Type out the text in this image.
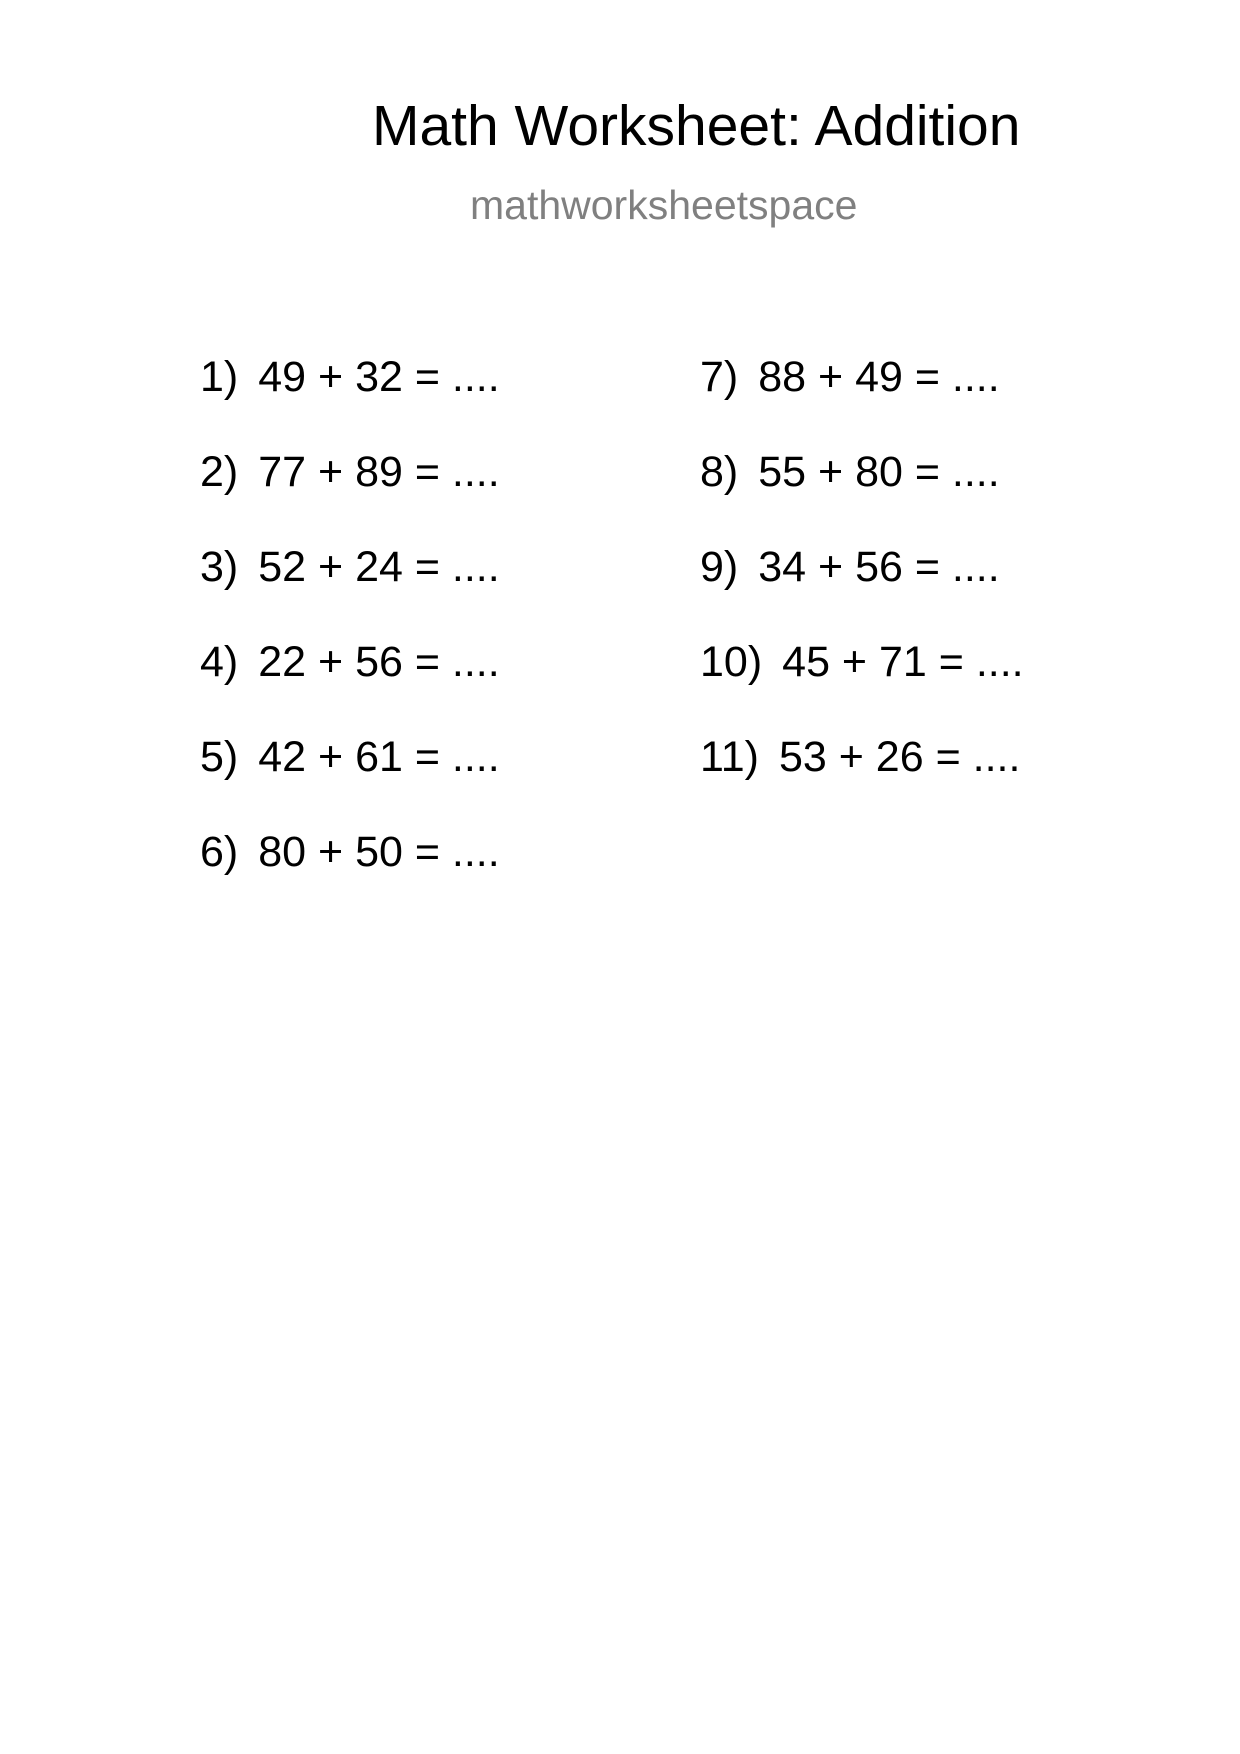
Math Worksheet: Addition
mathworksheetspace
1) 49 + 32 = ....
2) 77 + 89 = ....
3) 52 + 24 = ....
4) 22 + 56 = ....
5) 42 + 61 = ....
6) 80 + 50 = ....
7) 88 + 49 = ....
8) 55 + 80 = ....
9) 34 + 56 = ....
10) 45 + 71 = ....
11) 53 + 26 = ....
